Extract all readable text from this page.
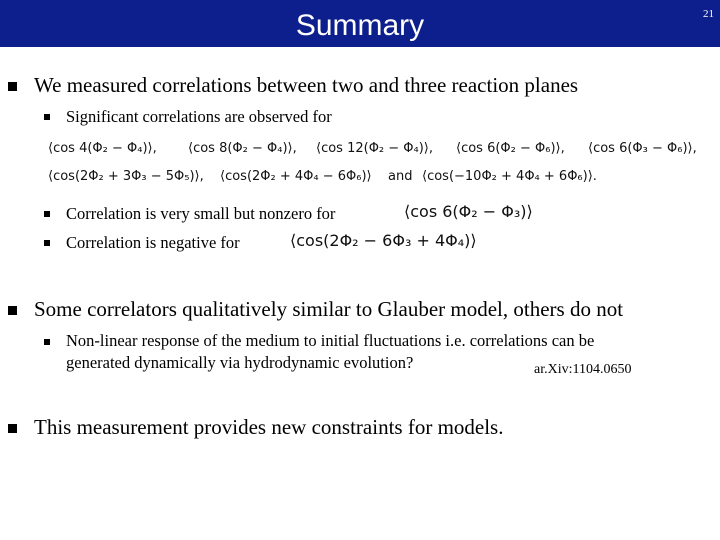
Summary	21
We measured correlations between two and three reaction planes
Significant correlations are observed for
⟨cos 4(Φ₂ − Φ₄)⟩, ⟨cos 8(Φ₂ − Φ₄)⟩, ⟨cos 12(Φ₂ − Φ₄)⟩, ⟨cos 6(Φ₂ − Φ₆)⟩, ⟨cos 6(Φ₃ − Φ₆)⟩,
⟨cos(2Φ₂ + 3Φ₃ − 5Φ₅)⟩, ⟨cos(2Φ₂ + 4Φ₄ − 6Φ₆)⟩ and ⟨cos(−10Φ₂ + 4Φ₄ + 6Φ₆)⟩.
Correlation is very small but nonzero for	⟨cos 6(Φ₂ − Φ₃)⟩
Correlation is negative for	⟨cos(2Φ₂ − 6Φ₃ + 4Φ₄)⟩
Some correlators qualitatively similar to Glauber model, others do not
Non-linear response of the medium to initial fluctuations i.e. correlations can be
generated dynamically via hydrodynamic evolution?	ar.Xiv:1104.0650
This measurement provides new constraints for models.
